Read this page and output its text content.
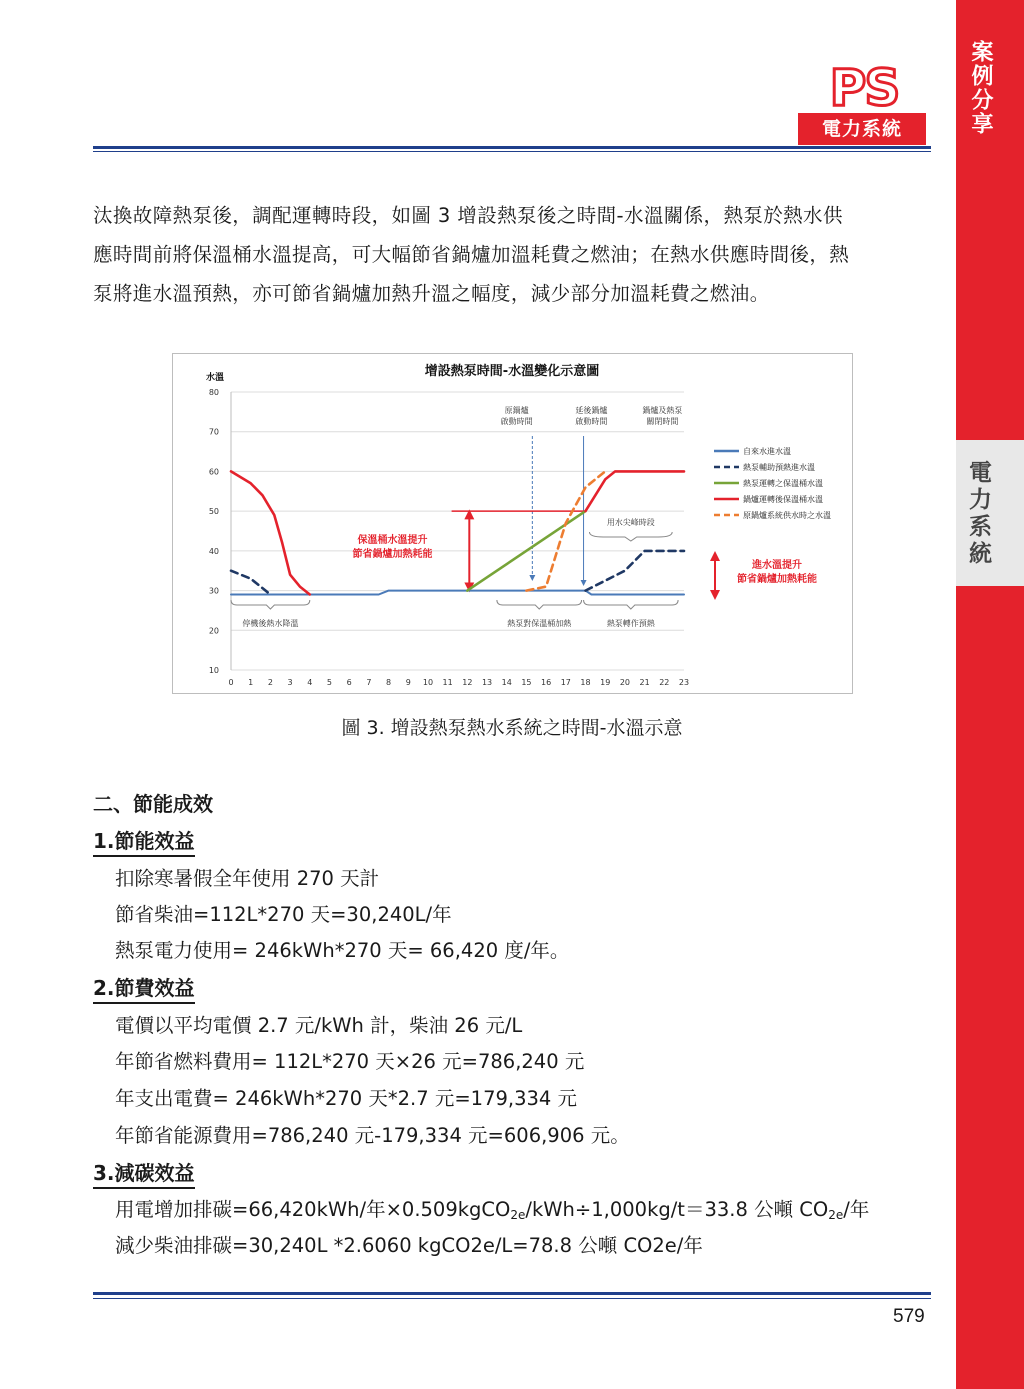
案例分享
電力系統
PS
電力系統
汰換故障熱泵後，調配運轉時段，如圖 3 增設熱泵後之時間-水溫關係，熱泵於熱水供
應時間前將保溫桶水溫提高，可大幅節省鍋爐加溫耗費之燃油；在熱水供應時間後，熱
泵將進水溫預熱，亦可節省鍋爐加熱升溫之幅度，減少部分加溫耗費之燃油。
增設熱泵時間-水溫變化示意圖
水溫
10
20
30
40
50
60
70
80
0 1 2 3 4 5 6 7 8 9 10 11 12 13 14 15 16 17 18 19 20 21 22 23
自來水進水溫
熱泵輔助預熱進水溫
熱泵運轉之保溫桶水溫
鍋爐運轉後保溫桶水溫
原鍋爐系統供水時之水溫
原鍋爐
啟動時間
延後鍋爐
啟動時間
鍋爐及熱泵
關閉時間
用水尖峰時段
保溫桶水溫提升
節省鍋爐加熱耗能
進水溫提升
節省鍋爐加熱耗能
停機後熱水降溫	熱泵對保溫桶加熱	熱泵轉作預熱
圖 3. 增設熱泵熱水系統之時間-水溫示意
二、節能成效
1.節能效益
扣除寒暑假全年使用 270 天計
節省柴油=112L*270 天=30,240L/年
熱泵電力使用= 246kWh*270 天= 66,420 度/年。
2.節費效益
電價以平均電價 2.7 元/kWh 計，柴油 26 元/L
年節省燃料費用= 112L*270 天×26 元=786,240 元
年支出電費= 246kWh*270 天*2.7 元=179,334 元
年節省能源費用=786,240 元-179,334 元=606,906 元。
3.減碳效益
用電增加排碳=66,420kWh/年×0.509kgCO$_{2e}$/kWh÷1,000kg/t＝33.8 公噸 $CO_{2e}/$年
減少柴油排碳=30,240L *2.6060 kgCO2e/L=78.8 公噸 CO2e/年
579
